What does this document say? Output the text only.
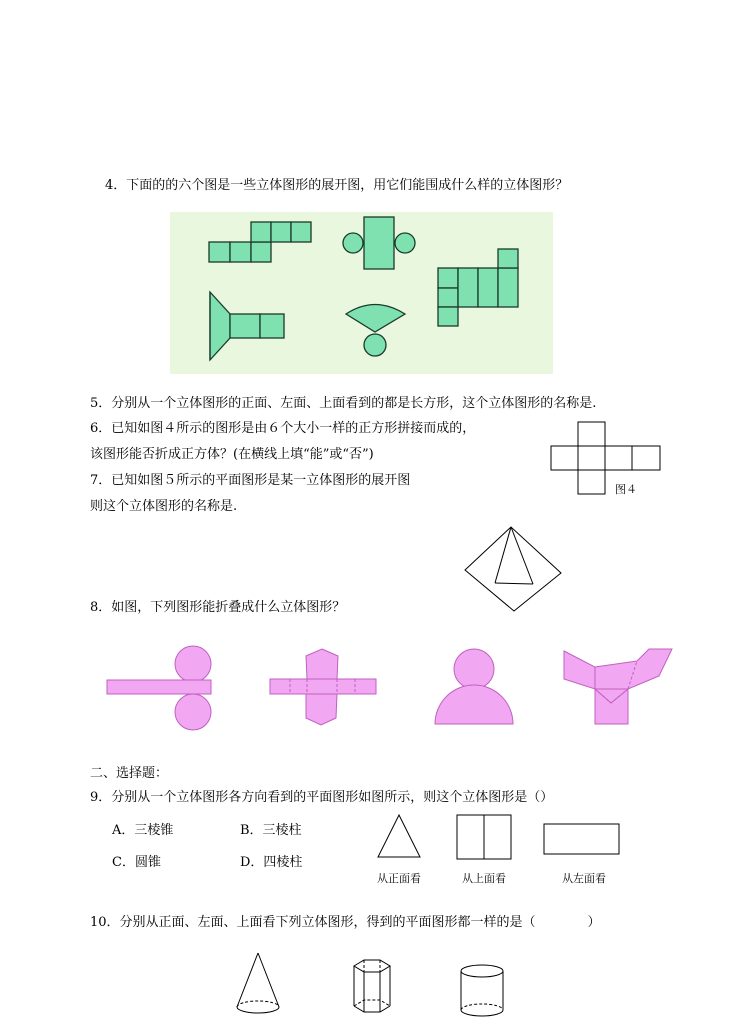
4．下面的的六个图是一些立体图形的展开图，用它们能围成什么样的立体图形？
5．分别从一个立体图形的正面、左面、上面看到的都是长方形，这个立体图形的名称是.
6．已知如图４所示的图形是由６个大小一样的正方形拼接而成的，
该图形能否折成正方体？(在横线上填“能”或“否”)
图４
7．已知如图５所示的平面图形是某一立体图形的展开图
则这个立体图形的名称是.
8．如图，下列图形能折叠成什么立体图形？
二、选择题：
9．分别从一个立体图形各方向看到的平面图形如图所示，则这个立体图形是（）
A．三棱锥	B．三棱柱
C．圆锥	D．四棱柱
从正面看	从上面看	从左面看
10．分别从正面、左面、上面看下列立体图形，得到的平面图形都一样的是（　　　　）
